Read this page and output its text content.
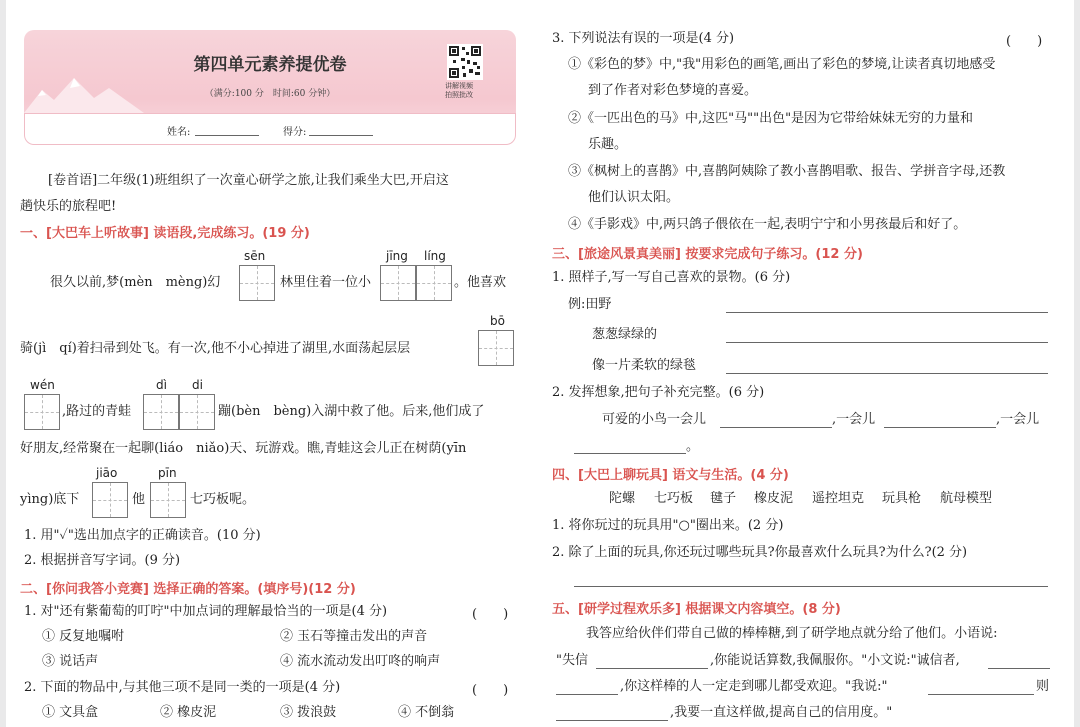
第四单元素养提优卷
（满分:100 分　时间:60 分钟）
讲解视频
拍照批改
姓名:	得分:
[卷首语]二年级(1)班组织了一次童心研学之旅,让我们乘坐大巴,开启这
趟快乐的旅程吧!
一、[大巴车上听故事] 读语段,完成练习。(19 分)
很久以前,梦(mèn　mèng)幻
sēn
林里住着一位小
jīng líng
。他喜欢
bō
骑(jì　qí)着扫帚到处飞。有一次,他不小心掉进了湖里,水面荡起层层
wén
,路过的青蛙
dì di
蹦(bèn　bèng)入湖中救了他。后来,他们成了
好朋友,经常聚在一起聊(liáo　niǎo)天、玩游戏。瞧,青蛙这会儿正在树荫(yīn
jiāo	pīn
yìng)底下	他	七巧板呢。
1. 用"✓"选出加点字的正确读音。(10 分)
2. 根据拼音写字词。(9 分)
二、[你问我答小竞赛] 选择正确的答案。(填序号)(12 分)
1. 对"还有紫葡萄的叮咛"中加点词的理解最恰当的一项是(4 分)	(　　)
① 反复地嘱咐	② 玉石等撞击发出的声音
③ 说话声	④ 流水流动发出叮咚的响声
2. 下面的物品中,与其他三项不是同一类的一项是(4 分)	(　　)
① 文具盒	② 橡皮泥	③ 拨浪鼓	④ 不倒翁
3. 下列说法有误的一项是(4 分)	(　　)
①《彩色的梦》中,"我"用彩色的画笔,画出了彩色的梦境,让读者真切地感受
到了作者对彩色梦境的喜爱。
②《一匹出色的马》中,这匹"马""出色"是因为它带给妹妹无穷的力量和
乐趣。
③《枫树上的喜鹊》中,喜鹊阿姨除了教小喜鹊唱歌、报告、学拼音字母,还教
他们认识太阳。
④《手影戏》中,两只鸽子偎依在一起,表明宁宁和小男孩最后和好了。
三、[旅途风景真美丽] 按要求完成句子练习。(12 分)
1. 照样子,写一写自己喜欢的景物。(6 分)
例:田野
葱葱绿绿的
像一片柔软的绿毯
2. 发挥想象,把句子补充完整。(6 分)
可爱的小鸟一会儿	,一会儿	,一会儿
。
四、[大巴上聊玩具] 语文与生活。(4 分)
陀螺 七巧板 毽子 橡皮泥 遥控坦克 玩具枪 航母模型
1. 将你玩过的玩具用"○"圈出来。(2 分)
2. 除了上面的玩具,你还玩过哪些玩具?你最喜欢什么玩具?为什么?(2 分)
五、[研学过程欢乐多] 根据课文内容填空。(8 分)
我答应给伙伴们带自己做的棒棒糖,到了研学地点就分给了他们。小语说:
"失信	,你能说话算数,我佩服你。"小文说:"诚信者,
,你这样棒的人一定走到哪儿都受欢迎。"我说:"	则
,我要一直这样做,提高自己的信用度。"
